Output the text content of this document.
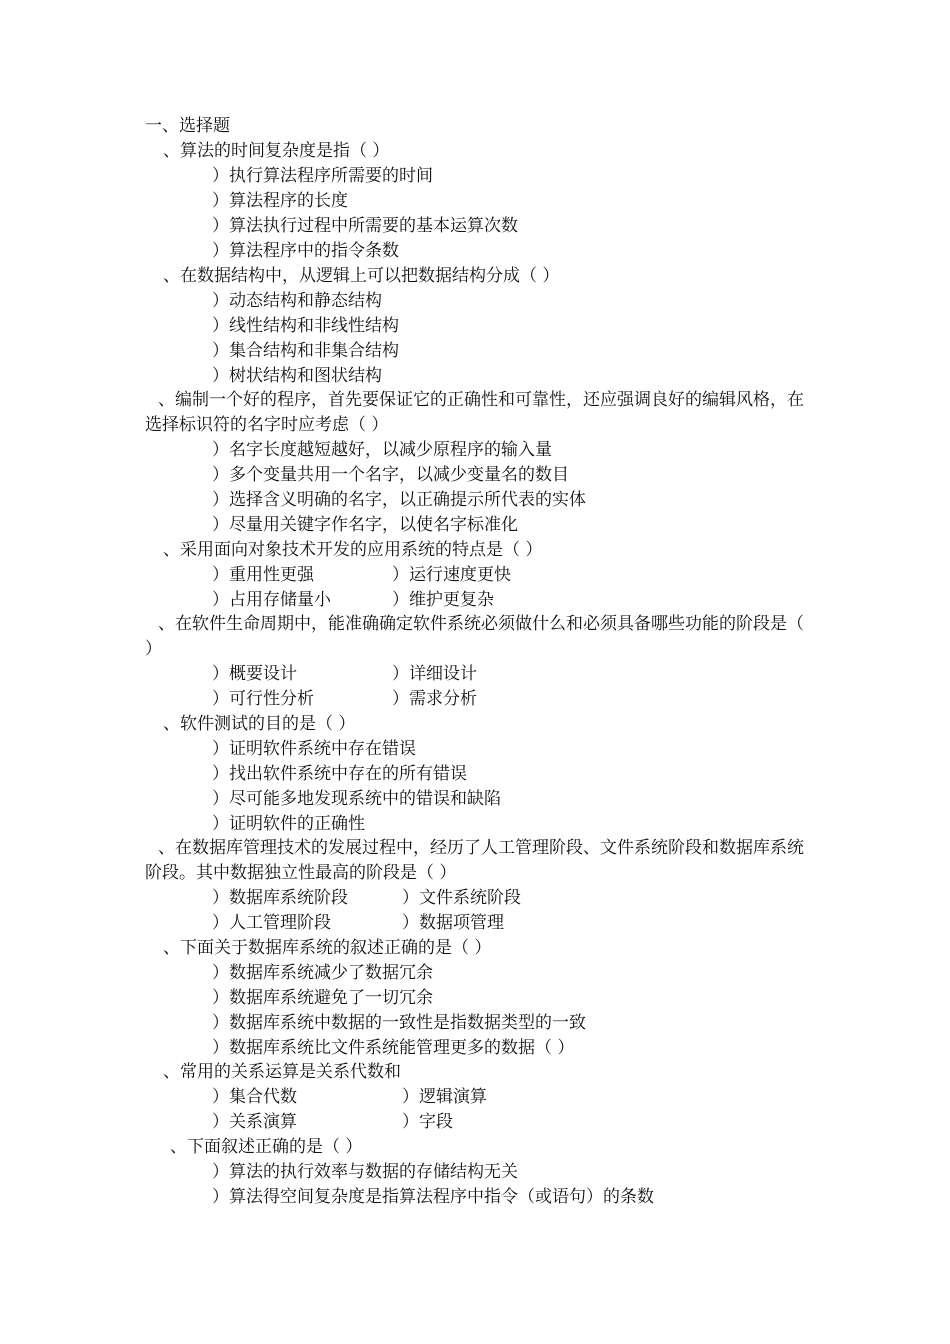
一、选择题
、算法的时间复杂度是指（ ）
）执行算法程序所需要的时间
）算法程序的长度
）算法执行过程中所需要的基本运算次数
）算法程序中的指令条数
、在数据结构中，从逻辑上可以把数据结构分成（ ）
）动态结构和静态结构
）线性结构和非线性结构
）集合结构和非集合结构
）树状结构和图状结构
、编制一个好的程序，首先要保证它的正确性和可靠性，还应强调良好的编辑风格，在选择标识符的名字时应考虑（ ）
）名字长度越短越好，以减少原程序的输入量
）多个变量共用一个名字，以减少变量名的数目
）选择含义明确的名字，以正确提示所代表的实体
）尽量用关键字作名字，以使名字标准化
、采用面向对象技术开发的应用系统的特点是（ ）
）重用性更强	）运行速度更快
）占用存储量小	）维护更复杂
、在软件生命周期中，能准确确定软件系统必须做什么和必须具备哪些功能的阶段是（ ）
）概要设计	）详细设计
）可行性分析	）需求分析
、软件测试的目的是（ ）
）证明软件系统中存在错误
）找出软件系统中存在的所有错误
）尽可能多地发现系统中的错误和缺陷
）证明软件的正确性
、在数据库管理技术的发展过程中，经历了人工管理阶段、文件系统阶段和数据库系统阶段。其中数据独立性最高的阶段是（ ）
）数据库系统阶段	）文件系统阶段
）人工管理阶段	）数据项管理
、下面关于数据库系统的叙述正确的是（ ）
）数据库系统减少了数据冗余
）数据库系统避免了一切冗余
）数据库系统中数据的一致性是指数据类型的一致
）数据库系统比文件系统能管理更多的数据（ ）
、常用的关系运算是关系代数和
）集合代数	）逻辑演算
）关系演算	）字段
、下面叙述正确的是（ ）
）算法的执行效率与数据的存储结构无关
）算法得空间复杂度是指算法程序中指令（或语句）的条数
